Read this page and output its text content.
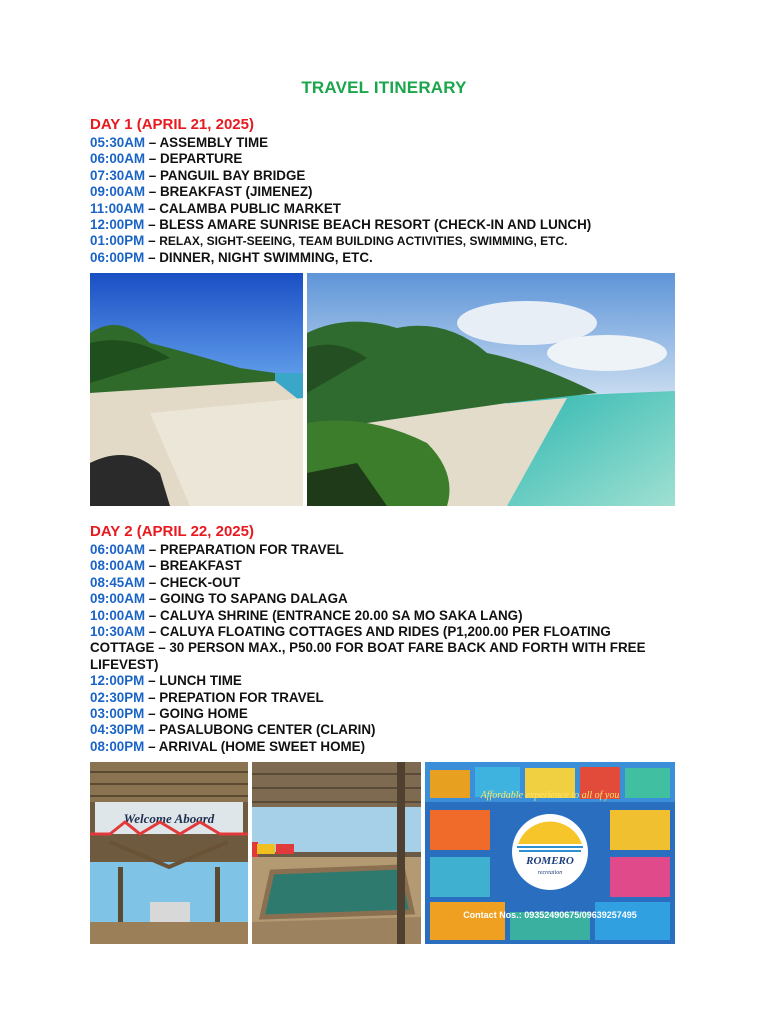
TRAVEL ITINERARY
DAY 1 (APRIL 21, 2025)
05:30AM – ASSEMBLY TIME
06:00AM – DEPARTURE
07:30AM – PANGUIL BAY BRIDGE
09:00AM – BREAKFAST (JIMENEZ)
11:00AM – CALAMBA PUBLIC MARKET
12:00PM – BLESS AMARE SUNRISE BEACH RESORT (CHECK-IN AND LUNCH)
01:00PM – RELAX, SIGHT-SEEING, TEAM BUILDING ACTIVITIES, SWIMMING, ETC.
06:00PM – DINNER, NIGHT SWIMMING, ETC.
DAY 2 (APRIL 22, 2025)
06:00AM – PREPARATION FOR TRAVEL
08:00AM – BREAKFAST
08:45AM – CHECK-OUT
09:00AM – GOING TO SAPANG DALAGA
10:00AM – CALUYA SHRINE (ENTRANCE 20.00 SA MO SAKA LANG)
10:30AM – CALUYA FLOATING COTTAGES AND RIDES (P1,200.00 PER FLOATING COTTAGE – 30 PERSON MAX., P50.00 FOR BOAT FARE BACK AND FORTH WITH FREE LIFEVEST)
12:00PM – LUNCH TIME
02:30PM – PREPATION FOR TRAVEL
03:00PM – GOING HOME
04:30PM – PASALUBONG CENTER (CLARIN)
08:00PM – ARRIVAL (HOME SWEET HOME)
Welcome Aboard
Affordable experience to all of you
ROMERO
recreation
Contact Nos.: 09352490675/09639257495
